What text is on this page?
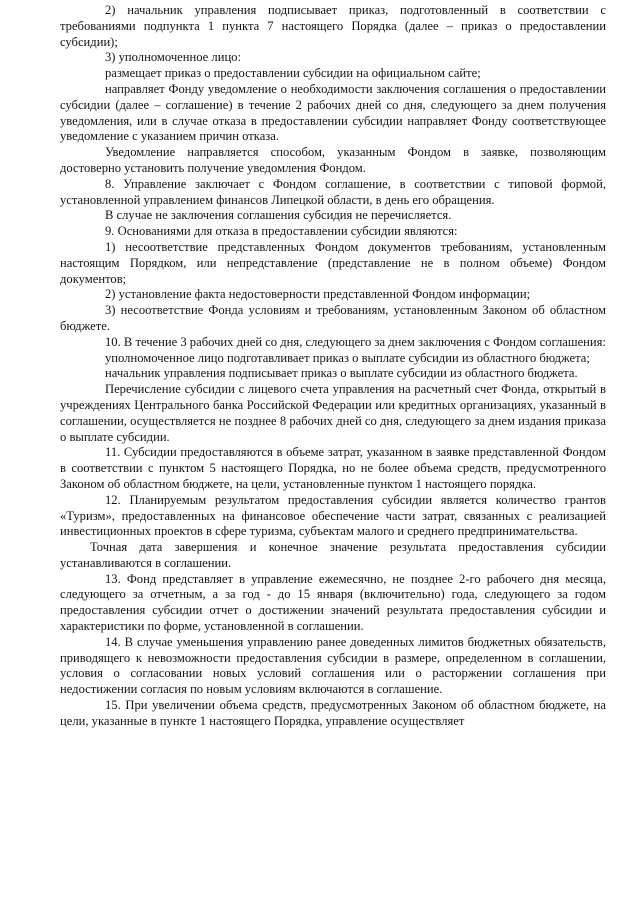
2) начальник управления подписывает приказ, подготовленный в соответствии с требованиями подпункта 1 пункта 7 настоящего Порядка (далее – приказ о предоставлении субсидии);

3) уполномоченное лицо:

размещает приказ о предоставлении субсидии на официальном сайте;

направляет Фонду уведомление о необходимости заключения соглашения о предоставлении субсидии (далее – соглашение) в течение 2 рабочих дней со дня, следующего за днем получения уведомления, или в случае отказа в предоставлении субсидии направляет Фонду соответствующее уведомление с указанием причин отказа.

Уведомление направляется способом, указанным Фондом в заявке, позволяющим достоверно установить получение уведомления Фондом.

8. Управление заключает с Фондом соглашение, в соответствии с типовой формой, установленной управлением финансов Липецкой области, в день его обращения.

В случае не заключения соглашения субсидия не перечисляется.

9. Основаниями для отказа в предоставлении субсидии являются:

1) несоответствие представленных Фондом документов требованиям, установленным настоящим Порядком, или непредставление (представление не в полном объеме) Фондом документов;

2) установление факта недостоверности представленной Фондом информации;

3) несоответствие Фонда условиям и требованиям, установленным Законом об областном бюджете.

10. В течение 3 рабочих дней со дня, следующего за днем заключения с Фондом соглашения:

уполномоченное лицо подготавливает приказ о выплате субсидии из областного бюджета;

начальник управления подписывает приказ о выплате субсидии из областного бюджета.

Перечисление субсидии с лицевого счета управления на расчетный счет Фонда, открытый в учреждениях Центрального банка Российской Федерации или кредитных организациях, указанный в соглашении, осуществляется не позднее 8 рабочих дней со дня, следующего за днем издания приказа о выплате субсидии.

11. Субсидии предоставляются в объеме затрат, указанном в заявке представленной Фондом в соответствии с пунктом 5 настоящего Порядка, но не более объема средств, предусмотренного Законом об областном бюджете, на цели, установленные пунктом 1 настоящего порядка.

12. Планируемым результатом предоставления субсидии является количество грантов «Туризм», предоставленных на финансовое обеспечение части затрат, связанных с реализацией инвестиционных проектов в сфере туризма, субъектам малого и среднего предпринимательства.

Точная дата завершения и конечное значение результата предоставления субсидии устанавливаются в соглашении.

13. Фонд представляет в управление ежемесячно, не позднее 2-го рабочего дня месяца, следующего за отчетным, а за год - до 15 января (включительно) года, следующего за годом предоставления субсидии отчет о достижении значений результата предоставления субсидии и характеристики по форме, установленной в соглашении.

14. В случае уменьшения управлению ранее доведенных лимитов бюджетных обязательств, приводящего к невозможности предоставления субсидии в размере, определенном в соглашении, условия о согласовании новых условий соглашения или о расторжении соглашения при недостижении согласия по новым условиям включаются в соглашение.

15. При увеличении объема средств, предусмотренных Законом об областном бюджете, на цели, указанные в пункте 1 настоящего Порядка, управление осуществляет
